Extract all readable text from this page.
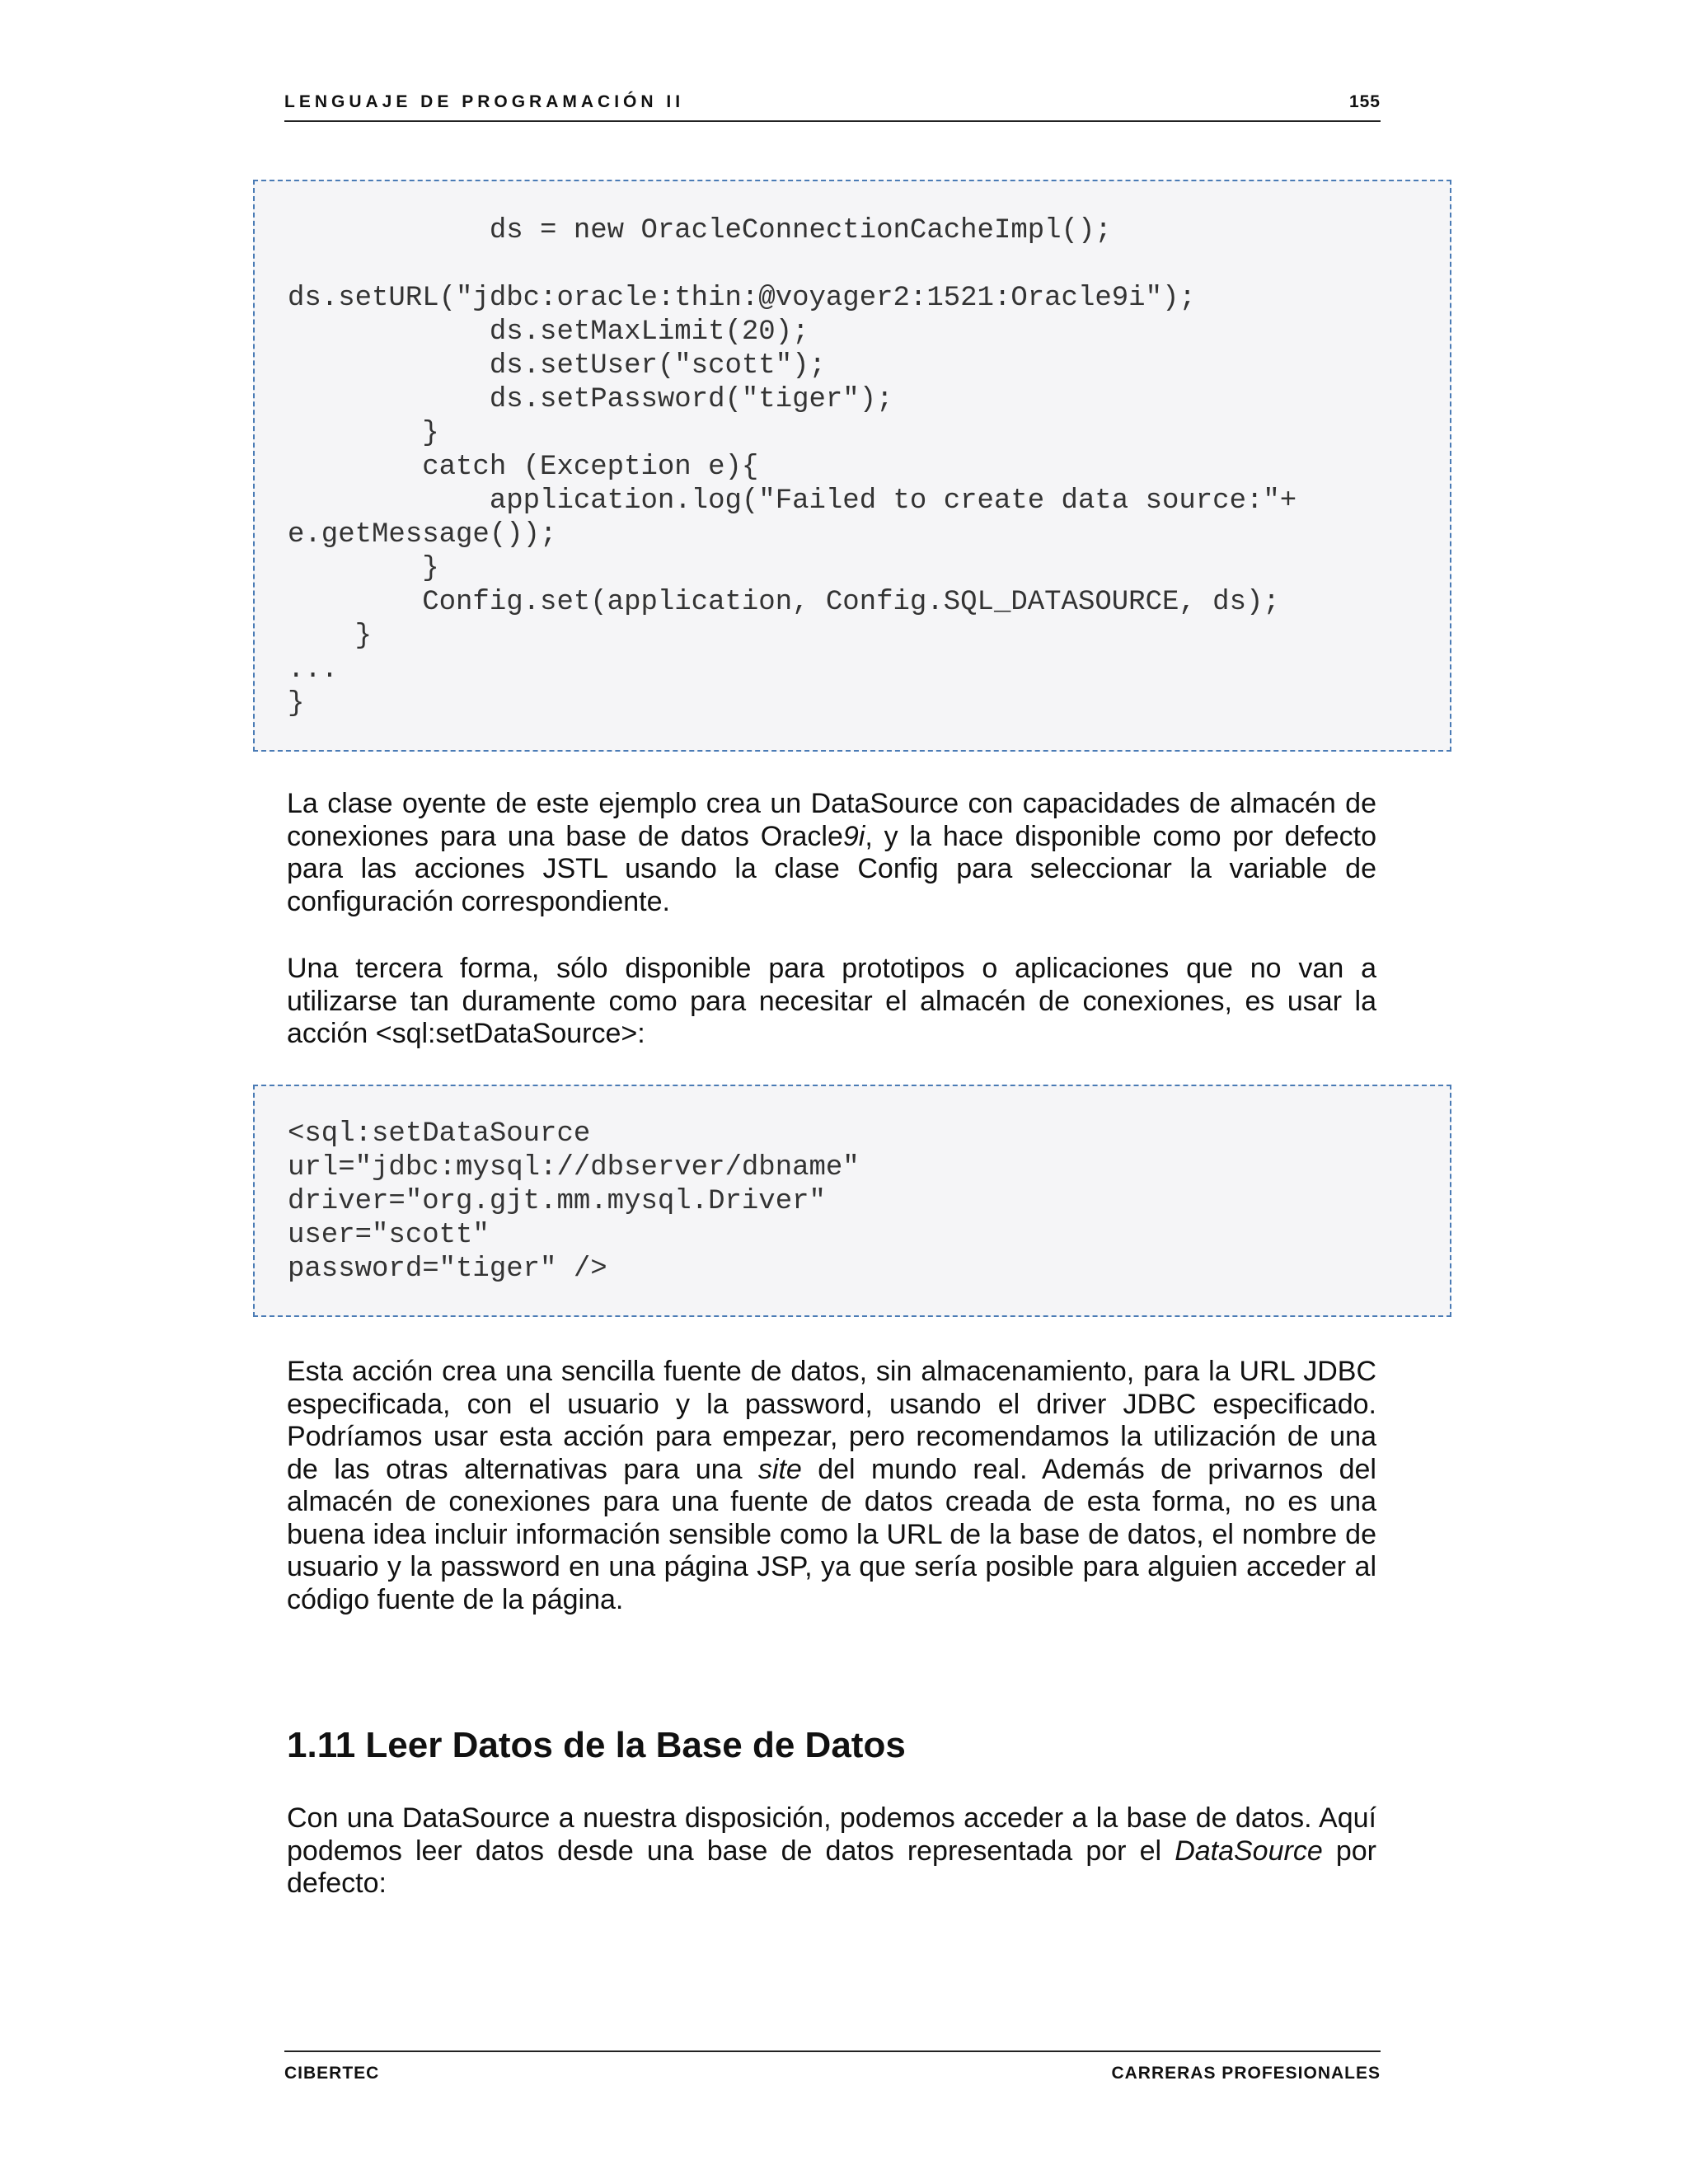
LENGUAJE DE PROGRAMACIÓN II	155
ds = new OracleConnectionCacheImpl();

ds.setURL("jdbc:oracle:thin:@voyager2:1521:Oracle9i");
ds.setMaxLimit(20);
ds.setUser("scott");
ds.setPassword("tiger");
}
catch (Exception e){
application.log("Failed to create data source:"+
e.getMessage());
}
Config.set(application, Config.SQL_DATASOURCE, ds);
}
...
}

La clase oyente de este ejemplo crea un DataSource con capacidades de almacén de conexiones para una base de datos Oracle9i, y la hace disponible como por defecto para las acciones JSTL usando la clase Config para seleccionar la variable de configuración correspondiente.

Una tercera forma, sólo disponible para prototipos o aplicaciones que no van a utilizarse tan duramente como para necesitar el almacén de conexiones, es usar la acción <sql:setDataSource>:

<sql:setDataSource
url="jdbc:mysql://dbserver/dbname"
driver="org.gjt.mm.mysql.Driver"
user="scott"
password="tiger" />

Esta acción crea una sencilla fuente de datos, sin almacenamiento, para la URL JDBC especificada, con el usuario y la password, usando el driver JDBC especificado. Podríamos usar esta acción para empezar, pero recomendamos la utilización de una de las otras alternativas para una site del mundo real. Además de privarnos del almacén de conexiones para una fuente de datos creada de esta forma, no es una buena idea incluir información sensible como la URL de la base de datos, el nombre de usuario y la password en una página JSP, ya que sería posible para alguien acceder al código fuente de la página.

1.11 Leer Datos de la Base de Datos

Con una DataSource a nuestra disposición, podemos acceder a la base de datos. Aquí podemos leer datos desde una base de datos representada por el DataSource por defecto:

CIBERTEC	CARRERAS PROFESIONALES
